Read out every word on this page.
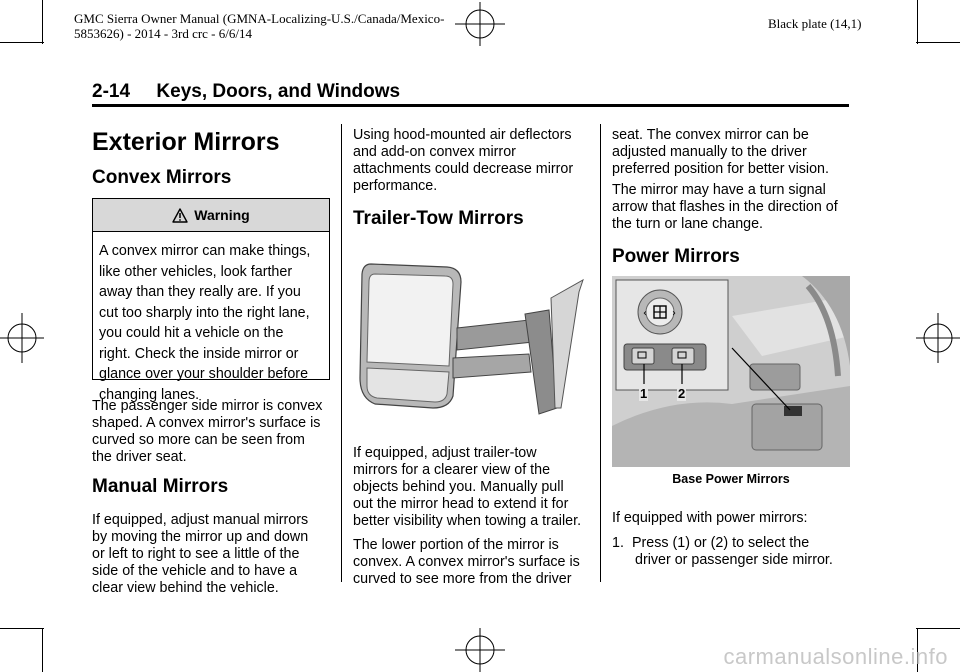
GMC Sierra Owner Manual (GMNA-Localizing-U.S./Canada/Mexico-
5853626) - 2014 - 3rd crc - 6/6/14
Black plate (14,1)
2-14     Keys, Doors, and Windows
Exterior Mirrors
Convex Mirrors
Warning
A convex mirror can make things,
like other vehicles, look farther
away than they really are. If you
cut too sharply into the right lane,
you could hit a vehicle on the
right. Check the inside mirror or
glance over your shoulder before
changing lanes.

The passenger side mirror is convex
shaped. A convex mirror's surface is
curved so more can be seen from
the driver seat.

Manual Mirrors

If equipped, adjust manual mirrors
by moving the mirror up and down
or left to right to see a little of the
side of the vehicle and to have a
clear view behind the vehicle.

Using hood-mounted air deflectors
and add-on convex mirror
attachments could decrease mirror
performance.

Trailer-Tow Mirrors

If equipped, adjust trailer-tow
mirrors for a clearer view of the
objects behind you. Manually pull
out the mirror head to extend it for
better visibility when towing a trailer.

The lower portion of the mirror is
convex. A convex mirror's surface is
curved to see more from the driver

seat. The convex mirror can be
adjusted manually to the driver
preferred position for better vision.

The mirror may have a turn signal
arrow that flashes in the direction of
the turn or lane change.

Power Mirrors
‹	›
1 2
Base Power Mirrors

If equipped with power mirrors:

1. Press (1) or (2) to select the
driver or passenger side mirror.
carmanualsonline.info
